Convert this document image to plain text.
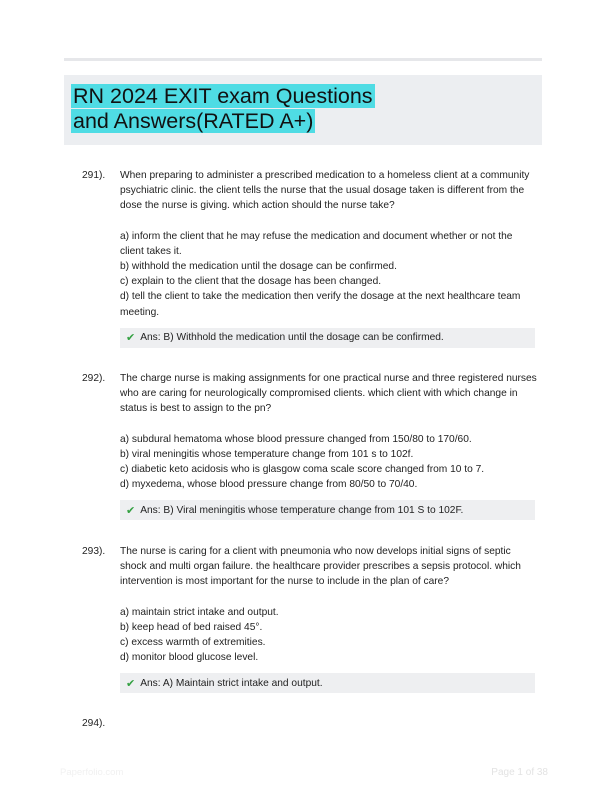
RN 2024 EXIT exam Questions and Answers(RATED A+)
291). When preparing to administer a prescribed medication to a homeless client at a community psychiatric clinic. the client tells the nurse that the usual dosage taken is different from the dose the nurse is giving. which action should the nurse take?
a) inform the client that he may refuse the medication and document whether or not the client takes it.
b) withhold the medication until the dosage can be confirmed.
c) explain to the client that the dosage has been changed.
d) tell the client to take the medication then verify the dosage at the next healthcare team meeting.
✔ Ans: B) Withhold the medication until the dosage can be confirmed.
292). The charge nurse is making assignments for one practical nurse and three registered nurses who are caring for neurologically compromised clients. which client with which change in status is best to assign to the pn?
a) subdural hematoma whose blood pressure changed from 150/80 to 170/60.
b) viral meningitis whose temperature change from 101 s to 102f.
c) diabetic keto acidosis who is glasgow coma scale score changed from 10 to 7.
d) myxedema, whose blood pressure change from 80/50 to 70/40.
✔ Ans: B) Viral meningitis whose temperature change from 101 S to 102F.
293). The nurse is caring for a client with pneumonia who now develops initial signs of septic shock and multi organ failure. the healthcare provider prescribes a sepsis protocol. which intervention is most important for the nurse to include in the plan of care?
a) maintain strict intake and output.
b) keep head of bed raised 45°.
c) excess warmth of extremities.
d) monitor blood glucose level.
✔ Ans: A) Maintain strict intake and output.
294).
Paperfolio.com	Page 1 of 38
